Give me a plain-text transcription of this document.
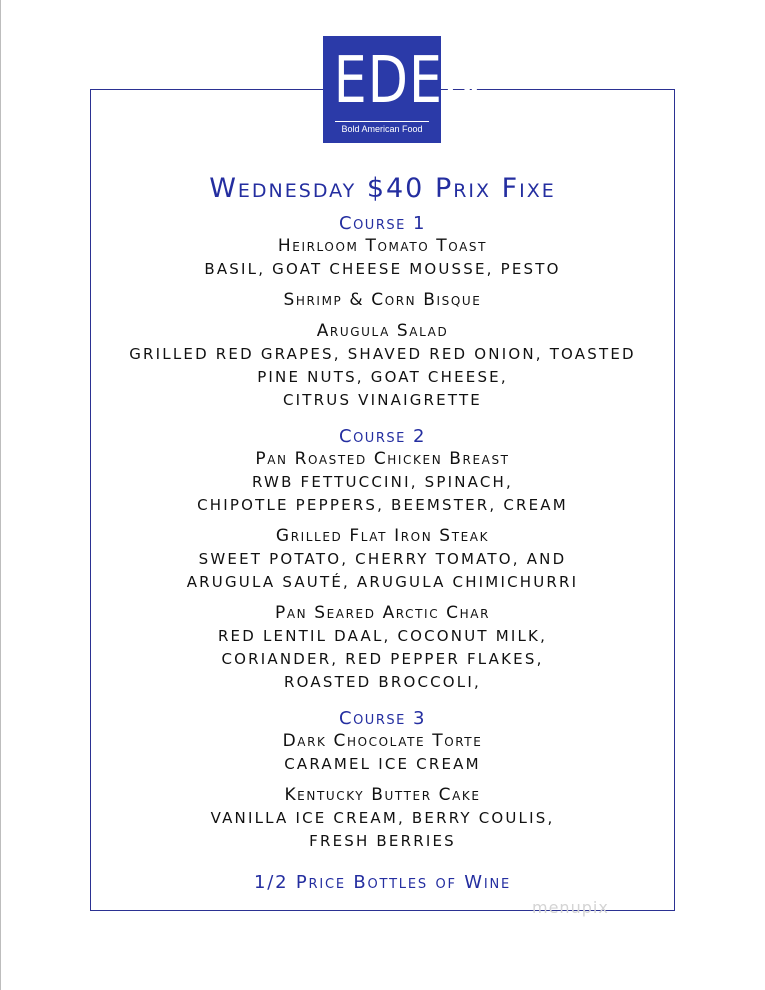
EDEN
Bold American Food
Wednesday $40 Prix Fixe
Course 1
Heirloom Tomato Toast
BASIL, GOAT CHEESE MOUSSE, PESTO
Shrimp & Corn Bisque
Arugula Salad
GRILLED RED GRAPES, SHAVED RED ONION, TOASTED
PINE NUTS, GOAT CHEESE,
CITRUS VINAIGRETTE
Course 2
Pan Roasted Chicken Breast
RWB FETTUCCINI, SPINACH,
CHIPOTLE PEPPERS, BEEMSTER, CREAM
Grilled Flat Iron Steak
SWEET POTATO, CHERRY TOMATO, AND
ARUGULA SAUTÉ, ARUGULA CHIMICHURRI
Pan Seared Arctic Char
RED LENTIL DAAL, COCONUT MILK,
CORIANDER, RED PEPPER FLAKES,
ROASTED BROCCOLI,
Course 3
Dark Chocolate Torte
CARAMEL ICE CREAM
Kentucky Butter Cake
VANILLA ICE CREAM, BERRY COULIS,
FRESH BERRIES
1/2 Price Bottles of Wine
menupix
